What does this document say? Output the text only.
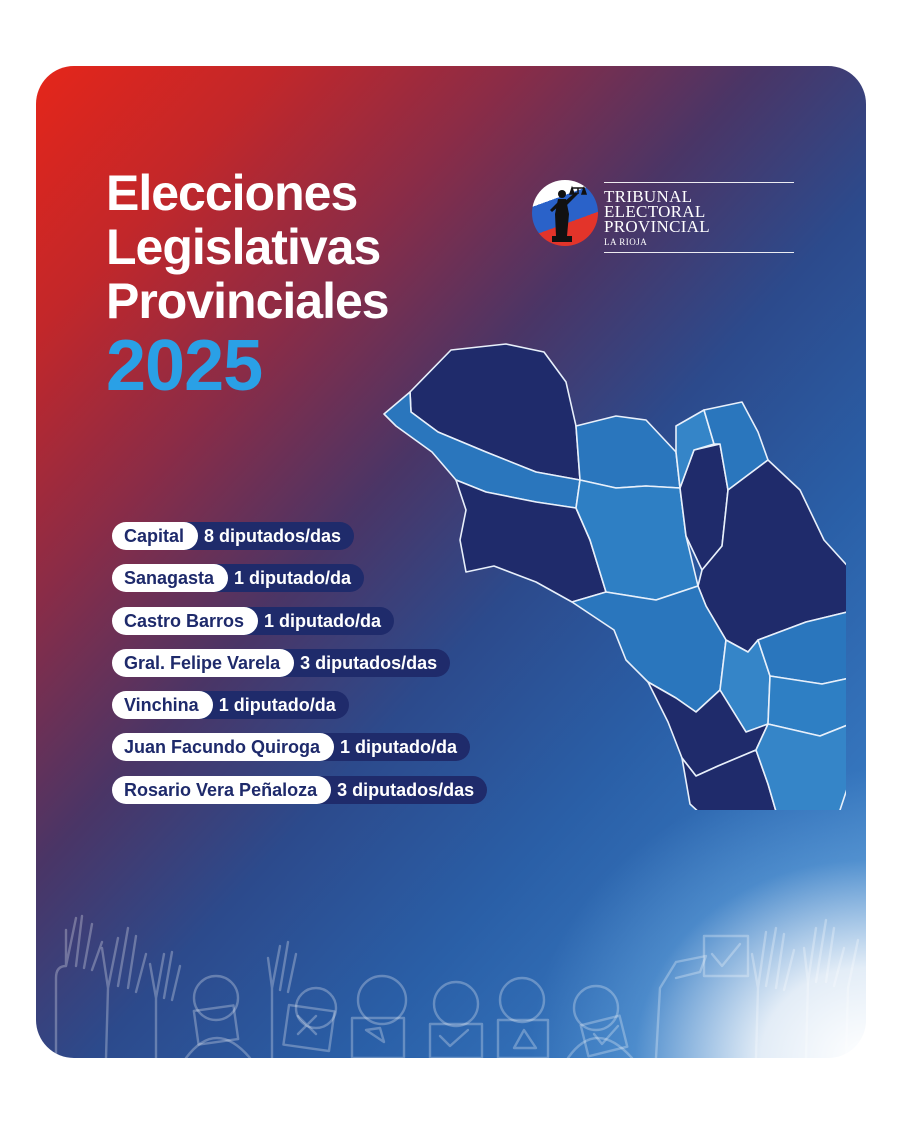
Elecciones
Legislativas
Provinciales
2025
TRIBUNAL ELECTORAL
PROVINCIAL
LA RIOJA
Capital	8 diputados/das
Sanagasta	1 diputado/da
Castro Barros	1 diputado/da
Gral. Felipe Varela	3 diputados/das
Vinchina	1 diputado/da
Juan Facundo Quiroga	1 diputado/da
Rosario Vera Peñaloza	3 diputados/das
